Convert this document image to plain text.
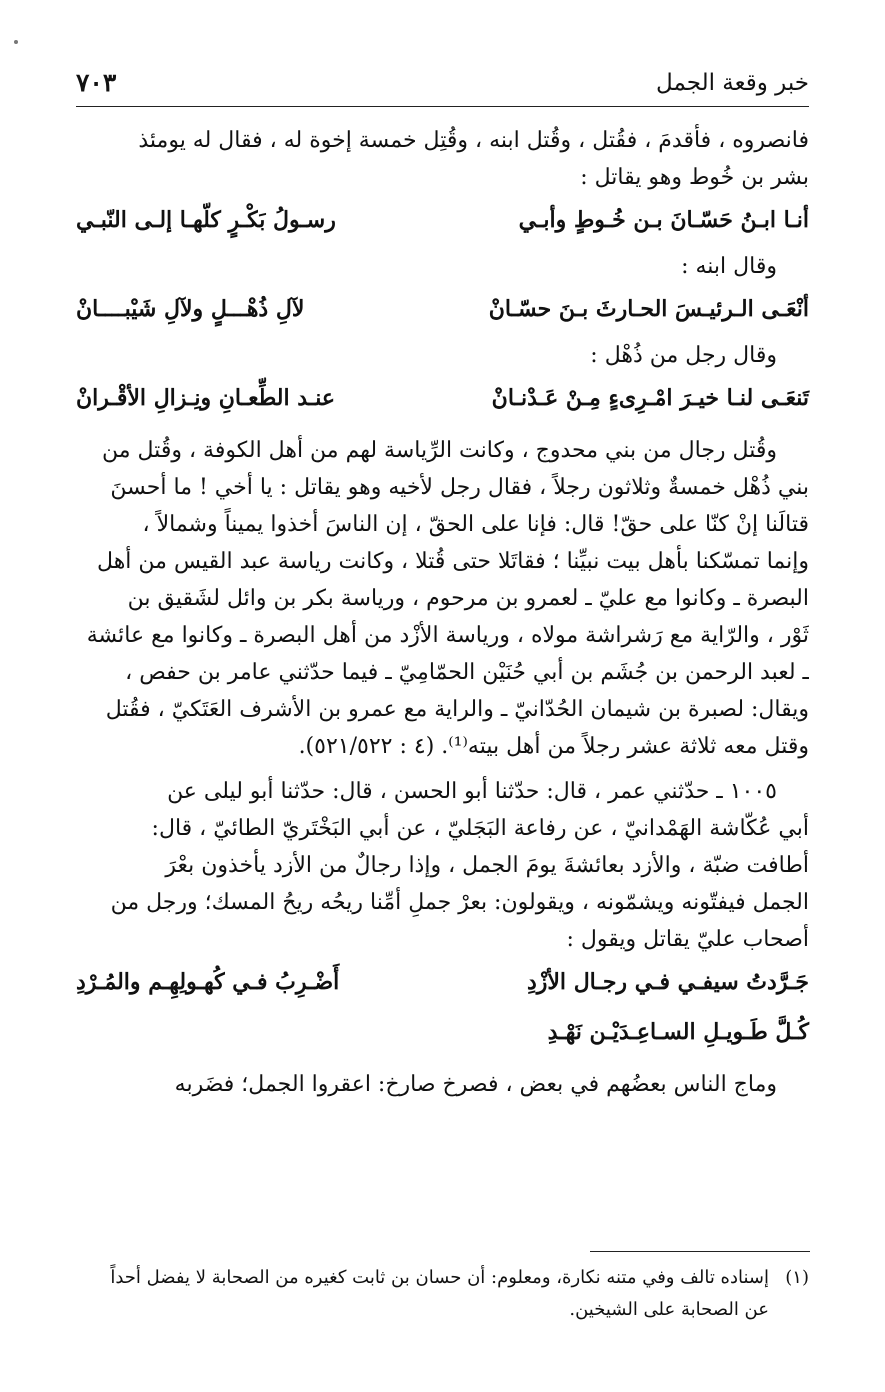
خبر وقعة الجمل
٧٠٣

فانصروه ، فأقدمَ ، فقُتل ، وقُتل ابنه ، وقُتِل خمسة إخوة له ، فقال له يومئذ
بشر بن خُوط وهو يقاتل :

أنـا ابـنُ حَسّـانَ بـن خُـوطٍ وأبـي
رسـولُ بَكْـرٍ كلّهـا إلـى النّبـي

وقال ابنه :

أنْعَـى الـرئيـسَ الحـارثَ بـنَ حسّـانْ
لآلِ ذُهْـــلٍ ولآلِ شَيْبــــانْ

وقال رجل من ذُهْل :

تَنعَـى لنـا خيـرَ امْـرِىءٍ مِـنْ عَـدْنـانْ
عنـد الطِّعـانِ ونِـزالِ الأقْـرانْ

وقُتل رجال من بني محدوج ، وكانت الرِّياسة لهم من أهل الكوفة ، وقُتل من
بني ذُهْل خمسةٌ وثلاثون رجلاً ، فقال رجل لأخيه وهو يقاتل : يا أخي ! ما أحسنَ
قتالَنا إنْ كنّا على حقّ! قال: فإنا على الحقّ ، إن الناسَ أخذوا يميناً وشمالاً ،
وإنما تمسّكنا بأهل بيت نبيِّنا ؛ فقاتَلا حتى قُتلا ، وكانت رياسة عبد القيس من أهل
البصرة ـ وكانوا مع عليّ ـ لعمرو بن مرحوم ، ورياسة بكر بن وائل لشَقيق بن
ثَوْر ، والرّاية مع رَشراشة مولاه ، ورياسة الأزْد من أهل البصرة ـ وكانوا مع عائشة
ـ لعبد الرحمن بن جُشَم بن أبي حُنَيْن الحمّامِيّ ـ فيما حدّثني عامر بن حفص ،
ويقال: لصبرة بن شيمان الحُدّانيّ ـ والراية مع عمرو بن الأشرف العَتَكيّ ، فقُتل
وقتل معه ثلاثة عشر رجلاً من أهل بيته⁽¹⁾. (٤ : ٥٢١/٥٢٢).

١٠٠٥ ـ حدّثني عمر ، قال: حدّثنا أبو الحسن ، قال: حدّثنا أبو ليلى عن
أبي عُكّاشة الهَمْدانيّ ، عن رفاعة البَجَليّ ، عن أبي البَخْتَريّ الطائيّ ، قال:
أطافت ضبّة ، والأزد بعائشةَ يومَ الجمل ، وإذا رجالٌ من الأزد يأخذون بعْرَ
الجمل فيفتّونه ويشمّونه ، ويقولون: بعرْ جملِ أمِّنا ريحُه ريحُ المسك؛ ورجل من
أصحاب عليّ يقاتل ويقول :

جَـرَّدتُ سيفـي فـي رجـال الأزْدِ
أَضْـرِبُ فـي كُهـولِهِـم والمُـرْدِ
كُـلَّ طَـويـلِ السـاعِـدَيْـن نَهْـدِ

وماج الناس بعضُهم في بعض ، فصرخ صارخ: اعقروا الجمل؛ فضَربه

(١)
إسناده تالف وفي متنه نكارة، ومعلوم: أن حسان بن ثابت كغيره من الصحابة لا يفضل أحداً
عن الصحابة على الشيخين.
